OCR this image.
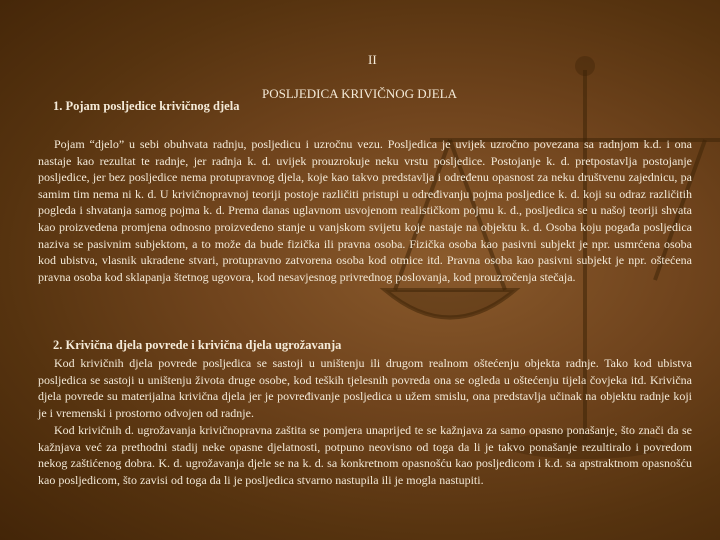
II
POSLJEDICA KRIVIČNOG DJELA
1. Pojam posljedice krivičnog djela

Pojam “djelo” u sebi obuhvata radnju, posljedicu i uzročnu vezu. Posljedica je uvijek uzročno povezana sa radnjom k.d. i ona nastaje kao rezultat te radnje, jer radnja k. d. uvijek prouzrokuje neku vrstu posljedice. Postojanje k. d. pretpostavlja postojanje posljedice, jer bez posljedice nema protupravnog djela, koje kao takvo predstavlja i određenu opasnost za neku društvenu zajednicu, pa samim tim nema ni k. d. U krivičnopravnoj teoriji postoje različiti pristupi u određivanju pojma posljedice k. d. koji su odraz različitih pogleda i shvatanja samog pojma k. d. Prema danas uglavnom usvojenom realističkom pojmu k. d., posljedica se u našoj teoriji shvata kao proizvedena promjena odnosno proizvedeno stanje u vanjskom svijetu koje nastaje na objektu k. d. Osoba koju pogađa posljedica naziva se pasivnim subjektom, a to može da bude fizička ili pravna osoba. Fizička osoba kao pasivni subjekt je npr. usmrćena osoba kod ubistva, vlasnik ukradene stvari, protupravno zatvorena osoba kod otmice itd. Pravna osoba kao pasivni subjekt je npr. oštećena pravna osoba kod sklapanja štetnog ugovora, kod nesavjesnog privrednog poslovanja, kod prouzročenja stečaja.

2. Krivična djela povrede i krivična djela ugrožavanja

Kod krivičnih djela povrede posljedica se sastoji u uništenju ili drugom realnom oštećenju objekta radnje. Tako kod ubistva posljedica se sastoji u uništenju života druge osobe, kod teških tjelesnih povreda ona se ogleda u oštećenju tijela čovjeka itd. Krivična djela povrede su materijalna krivična djela jer je povređivanje posljedica u užem smislu, ona predstavlja učinak na objektu radnje koji je i vremenski i prostorno odvojen od radnje.

Kod krivičnih d. ugrožavanja krivičnopravna zaštita se pomjera unaprijed te se kažnjava za samo opasno ponašanje, što znači da se kažnjava već za prethodni stadij neke opasne djelatnosti, potpuno neovisno od toga da li je takvo ponašanje rezultiralo i povredom nekog zaštićenog dobra. K. d. ugrožavanja djele se na k. d. sa konkretnom opasnošću kao posljedicom i k.d. sa apstraktnom opasnošću kao posljedicom, što zavisi od toga da li je posljedica stvarno nastupila ili je mogla nastupiti.
